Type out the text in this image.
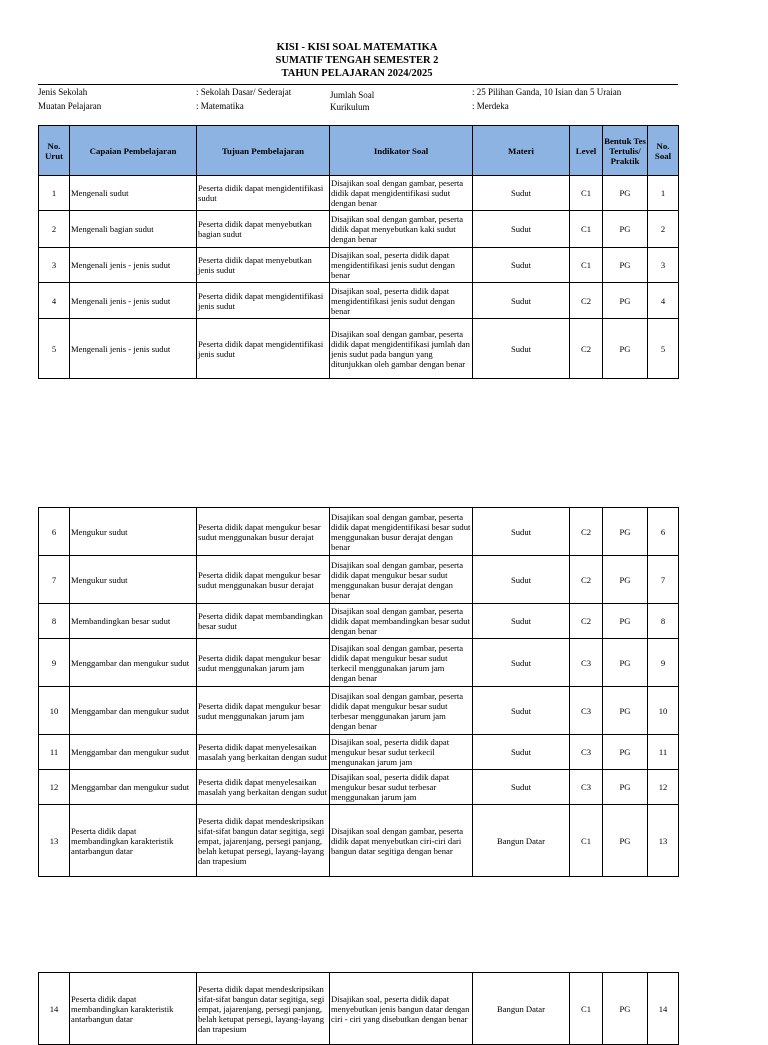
KISI - KISI SOAL MATEMATIKA
SUMATIF TENGAH SEMESTER 2
TAHUN PELAJARAN 2024/2025
Jenis Sekolah	: Sekolah Dasar/ Sederajat	Jumlah Soal	: 25 Pilihan Ganda, 10 Isian dan 5 Uraian
Muatan Pelajaran	: Matematika	Kurikulum	: Merdeka
No. Urut	Capaian Pembelajaran	Tujuan Pembelajaran	Indikator Soal	Materi	Level	Bentuk Tes Tertulis/ Praktik	No. Soal
1	Mengenali sudut	Peserta didik dapat mengidentifikasi sudut	Disajikan soal dengan gambar, peserta didik dapat mengidentifikasi sudut dengan benar	Sudut	C1	PG	1
2	Mengenali bagian sudut	Peserta didik dapat menyebutkan bagian sudut	Disajikan soal dengan gambar, peserta didik dapat menyebutkan kaki sudut dengan benar	Sudut	C1	PG	2
3	Mengenali jenis - jenis sudut	Peserta didik dapat menyebutkan jenis sudut	Disajikan soal, peserta didik dapat mengidentifikasi jenis sudut dengan benar	Sudut	C1	PG	3
4	Mengenali jenis - jenis sudut	Peserta didik dapat mengidentifikasi jenis sudut	Disajikan soal, peserta didik dapat mengidentifikasi jenis sudut dengan benar	Sudut	C2	PG	4
5	Mengenali jenis - jenis sudut	Peserta didik dapat mengidentifikasi jenis sudut	Disajikan soal dengan gambar, peserta didik dapat mengidentifikasi jumlah dan jenis sudut pada bangun yang ditunjukkan oleh gambar dengan benar	Sudut	C2	PG	5
6	Mengukur sudut	Peserta didik dapat mengukur besar sudut menggunakan busur derajat	Disajikan soal dengan gambar, peserta didik dapat mengidentifikasi besar sudut menggunakan busur derajat dengan benar	Sudut	C2	PG	6
7	Mengukur sudut	Peserta didik dapat mengukur besar sudut menggunakan busur derajat	Disajikan soal dengan gambar, peserta didik dapat mengukur besar sudut menggunakan busur derajat dengan benar	Sudut	C2	PG	7
8	Membandingkan besar sudut	Peserta didik dapat membandingkan besar sudut	Disajikan soal dengan gambar, peserta didik dapat membandingkan besar sudut dengan benar	Sudut	C2	PG	8
9	Menggambar dan mengukur sudut	Peserta didik dapat mengukur besar sudut menggunakan jarum jam	Disajikan soal dengan gambar, peserta didik dapat mengukur besar sudut terkecil menggunakan jarum jam dengan benar	Sudut	C3	PG	9
10	Menggambar dan mengukur sudut	Peserta didik dapat mengukur besar sudut menggunakan jarum jam	Disajikan soal dengan gambar, peserta didik dapat mengukur besar sudut terbesar menggunakan jarum jam dengan benar	Sudut	C3	PG	10
11	Menggambar dan mengukur sudut	Peserta didik dapat menyelesaikan masalah yang berkaitan dengan sudut	Disajikan soal, peserta didik dapat mengukur besar sudut terkecil mengunakan jarum jam	Sudut	C3	PG	11
12	Menggambar dan mengukur sudut	Peserta didik dapat menyelesaikan masalah yang berkaitan dengan sudut	Disajikan soal, peserta didik dapat mengukur besar sudut terbesar menggunakan jarum jam	Sudut	C3	PG	12
13	Peserta didik dapat membandingkan karakteristik antarbangun datar	Peserta didik dapat mendeskripsikan sifat-sifat bangun datar segitiga, segi empat, jajarenjang, persegi panjang, belah ketupat persegi, layang-layang dan trapesium	Disajikan soal dengan gambar, peserta didik dapat menyebutkan ciri-ciri dari bangun datar segitiga dengan benar	Bangun Datar	C1	PG	13
14	Peserta didik dapat membandingkan karakteristik antarbangun datar	Peserta didik dapat mendeskripsikan sifat-sifat bangun datar segitiga, segi empat, jajarenjang, persegi panjang, belah ketupat persegi, layang-layang dan trapesium	Disajikan soal, peserta didik dapat menyebutkan jenis bangun datar dengan ciri - ciri yang disebutkan dengan benar	Bangun Datar	C1	PG	14
